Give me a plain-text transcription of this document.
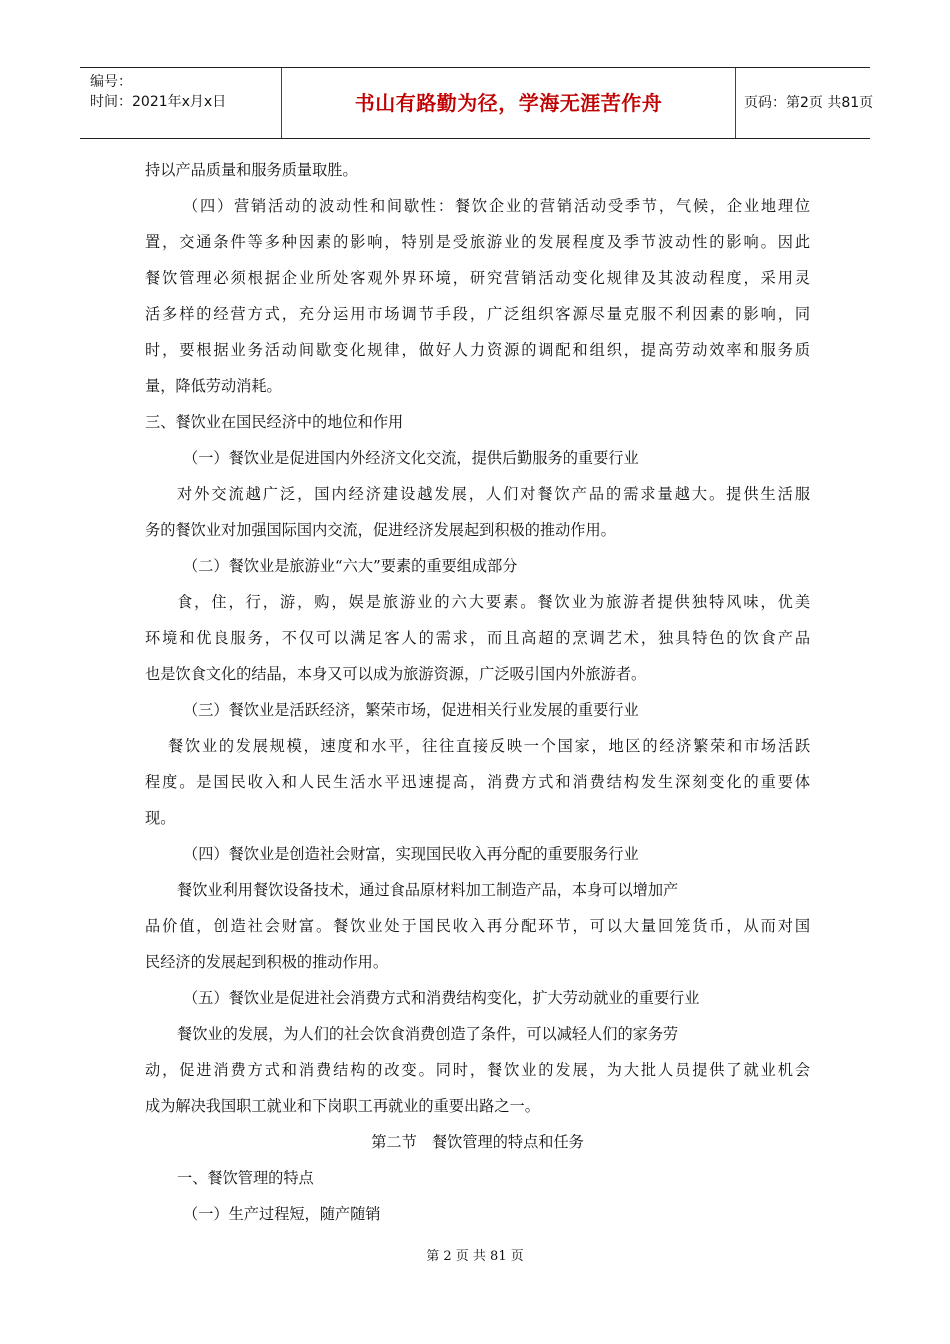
编号：
时间：2021年x月x日	书山有路勤为径，学海无涯苦作舟	页码：第2页 共81页

持以产品质量和服务质量取胜。

（四）营销活动的波动性和间歇性：餐饮企业的营销活动受季节，气候，企业地理位

置，交通条件等多种因素的影响，特别是受旅游业的发展程度及季节波动性的影响。因此

餐饮管理必须根据企业所处客观外界环境，研究营销活动变化规律及其波动程度，采用灵

活多样的经营方式，充分运用市场调节手段，广泛组织客源尽量克服不利因素的影响，同

时，要根据业务活动间歇变化规律，做好人力资源的调配和组织，提高劳动效率和服务质

量，降低劳动消耗。

三、餐饮业在国民经济中的地位和作用

（一）餐饮业是促进国内外经济文化交流，提供后勤服务的重要行业

对外交流越广泛，国内经济建设越发展，人们对餐饮产品的需求量越大。提供生活服

务的餐饮业对加强国际国内交流，促进经济发展起到积极的推动作用。

（二）餐饮业是旅游业“六大”要素的重要组成部分

食，住，行，游，购，娱是旅游业的六大要素。餐饮业为旅游者提供独特风味，优美

环境和优良服务，不仅可以满足客人的需求，而且高超的烹调艺术，独具特色的饮食产品

也是饮食文化的结晶，本身又可以成为旅游资源，广泛吸引国内外旅游者。

（三）餐饮业是活跃经济，繁荣市场，促进相关行业发展的重要行业

餐饮业的发展规模，速度和水平，往往直接反映一个国家，地区的经济繁荣和市场活跃

程度。是国民收入和人民生活水平迅速提高，消费方式和消费结构发生深刻变化的重要体

现。

（四）餐饮业是创造社会财富，实现国民收入再分配的重要服务行业

餐饮业利用餐饮设备技术，通过食品原材料加工制造产品，本身可以增加产

品价值，创造社会财富。餐饮业处于国民收入再分配环节，可以大量回笼货币，从而对国

民经济的发展起到积极的推动作用。

（五）餐饮业是促进社会消费方式和消费结构变化，扩大劳动就业的重要行业

餐饮业的发展，为人们的社会饮食消费创造了条件，可以减轻人们的家务劳

动，促进消费方式和消费结构的改变。同时，餐饮业的发展，为大批人员提供了就业机会

成为解决我国职工就业和下岗职工再就业的重要出路之一。

第二节　餐饮管理的特点和任务

一、餐饮管理的特点

（一）生产过程短，随产随销

第 2 页 共 81 页
